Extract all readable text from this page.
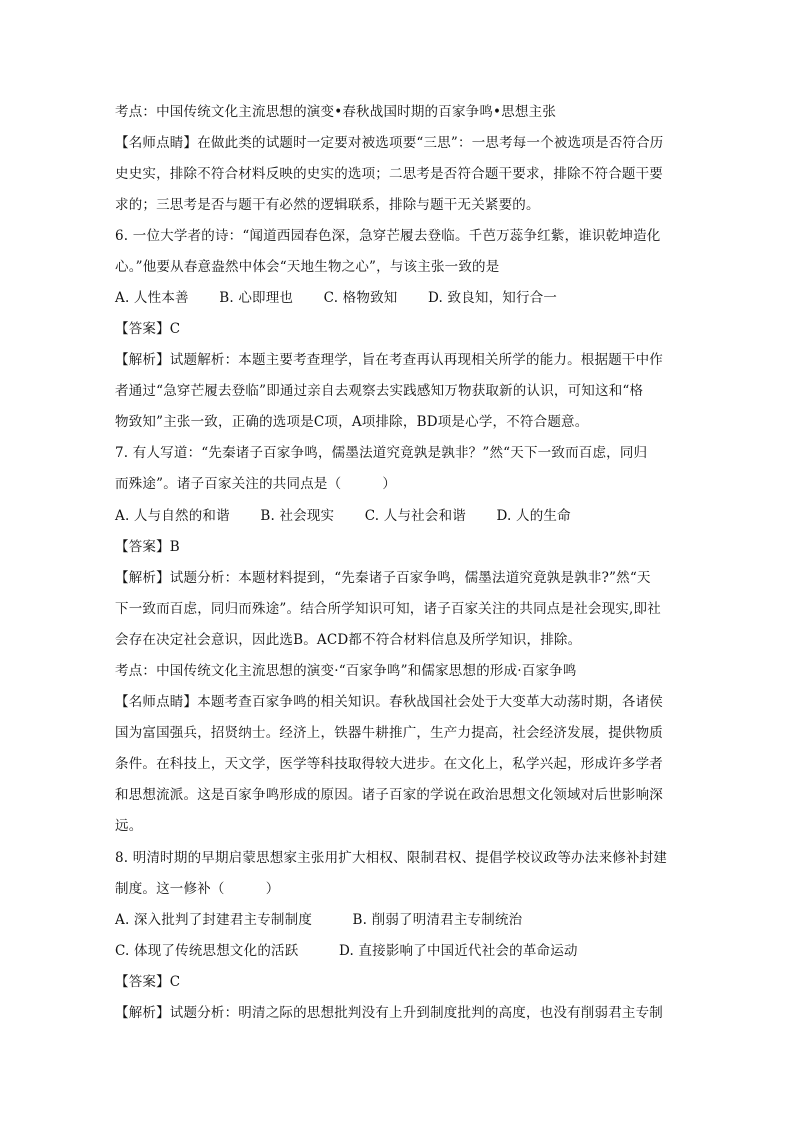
考点：中国传统文化主流思想的演变•春秋战国时期的百家争鸣•思想主张
【名师点睛】在做此类的试题时一定要对被选项要“三思”：一思考每一个被选项是否符合历
史史实，排除不符合材料反映的史实的选项；二思考是否符合题干要求，排除不符合题干要
求的；三思考是否与题干有必然的逻辑联系，排除与题干无关紧要的。
6. 一位大学者的诗：“闻道西园春色深，急穿芒履去登临。千芭万蕊争红紫，谁识乾坤造化
心。”他要从春意盎然中体会“天地生物之心”，与该主张一致的是
A. 人性本善 B. 心即理也 C. 格物致知 D. 致良知，知行合一
【答案】C
【解析】试题解析：本题主要考查理学，旨在考查再认再现相关所学的能力。根据题干中作
者通过“急穿芒履去登临”即通过亲自去观察去实践感知万物获取新的认识，可知这和“格
物致知”主张一致，正确的选项是C项，A项排除，BD项是心学，不符合题意。
7. 有人写道：“先秦诸子百家争鸣，儒墨法道究竟孰是孰非？”然“天下一致而百虑，同归
而殊途”。诸子百家关注的共同点是（　　　）
A. 人与自然的和谐 B. 社会现实 C. 人与社会和谐 D. 人的生命
【答案】B
【解析】试题分析：本题材料提到，“先秦诸子百家争鸣，儒墨法道究竟孰是孰非?”然“天
下一致而百虑，同归而殊途”。结合所学知识可知，诸子百家关注的共同点是社会现实,即社
会存在决定社会意识，因此选B。ACD都不符合材料信息及所学知识，排除。
考点：中国传统文化主流思想的演变·“百家争鸣”和儒家思想的形成·百家争鸣
【名师点睛】本题考查百家争鸣的相关知识。春秋战国社会处于大变革大动荡时期，各诸侯
国为富国强兵，招贤纳士。经济上，铁器牛耕推广，生产力提高，社会经济发展，提供物质
条件。在科技上，天文学，医学等科技取得较大进步。在文化上，私学兴起，形成许多学者
和思想流派。这是百家争鸣形成的原因。诸子百家的学说在政治思想文化领域对后世影响深
远。
8. 明清时期的早期启蒙思想家主张用扩大相权、限制君权、提倡学校议政等办法来修补封建
制度。这一修补（　　　）
A. 深入批判了封建君主专制制度	B. 削弱了明清君主专制统治
C. 体现了传统思想文化的活跃	D. 直接影响了中国近代社会的革命运动
【答案】C
【解析】试题分析：明清之际的思想批判没有上升到制度批判的高度，也没有削弱君主专制
